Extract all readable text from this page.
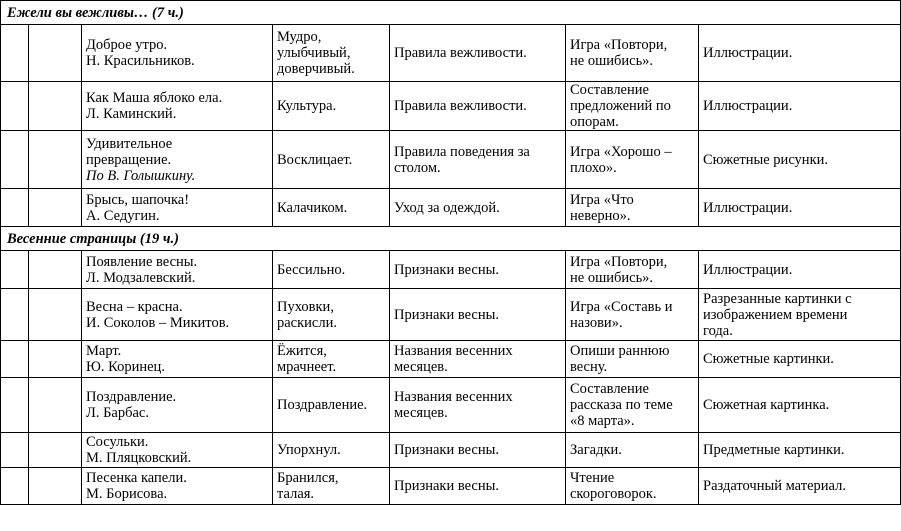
Ежели вы вежливы… (7 ч.)						

		Доброе утро.
Н. Красильников.	Мудро,
улыбчивый,
доверчивый.	Правила вежливости.	Игра «Повтори,
не ошибись».	Иллюстрации.

		Как Маша яблоко ела.
Л. Каминский.	Культура.	Правила вежливости.	Составление
предложений по
опорам.	Иллюстрации.

		Удивительное
превращение.
По В. Голышкину.	Восклицает.	Правила поведения за
столом.	Игра «Хорошо –
плохо».	Сюжетные рисунки.

		Брысь, шапочка!
А. Седугин.	Калачиком.	Уход за одеждой.	Игра «Что
неверно».	Иллюстрации.

Весенние страницы (19 ч.)						

		Появление весны.
Л. Модзалевский.	Бессильно.	Признаки весны.	Игра «Повтори,
не ошибись».	Иллюстрации.

		Весна – красна.
И. Соколов – Микитов.	Пуховки,
раскисли.	Признаки весны.	Игра «Составь и
назови».	Разрезанные картинки с
изображением времени
года.

		Март.
Ю. Коринец.	Ёжится,
мрачнеет.	Названия весенних
месяцев.	Опиши раннюю
весну.	Сюжетные картинки.

		Поздравление.
Л. Барбас.	Поздравление.	Названия весенних
месяцев.	Составление
рассказа по теме
«8 марта».	Сюжетная картинка.

		Сосульки.
М. Пляцковский.	Упорхнул.	Признаки весны.	Загадки.	Предметные картинки.

		Песенка капели.
М. Борисова.	Бранился,
талая.	Признаки весны.	Чтение
скороговорок.	Раздаточный материал.
